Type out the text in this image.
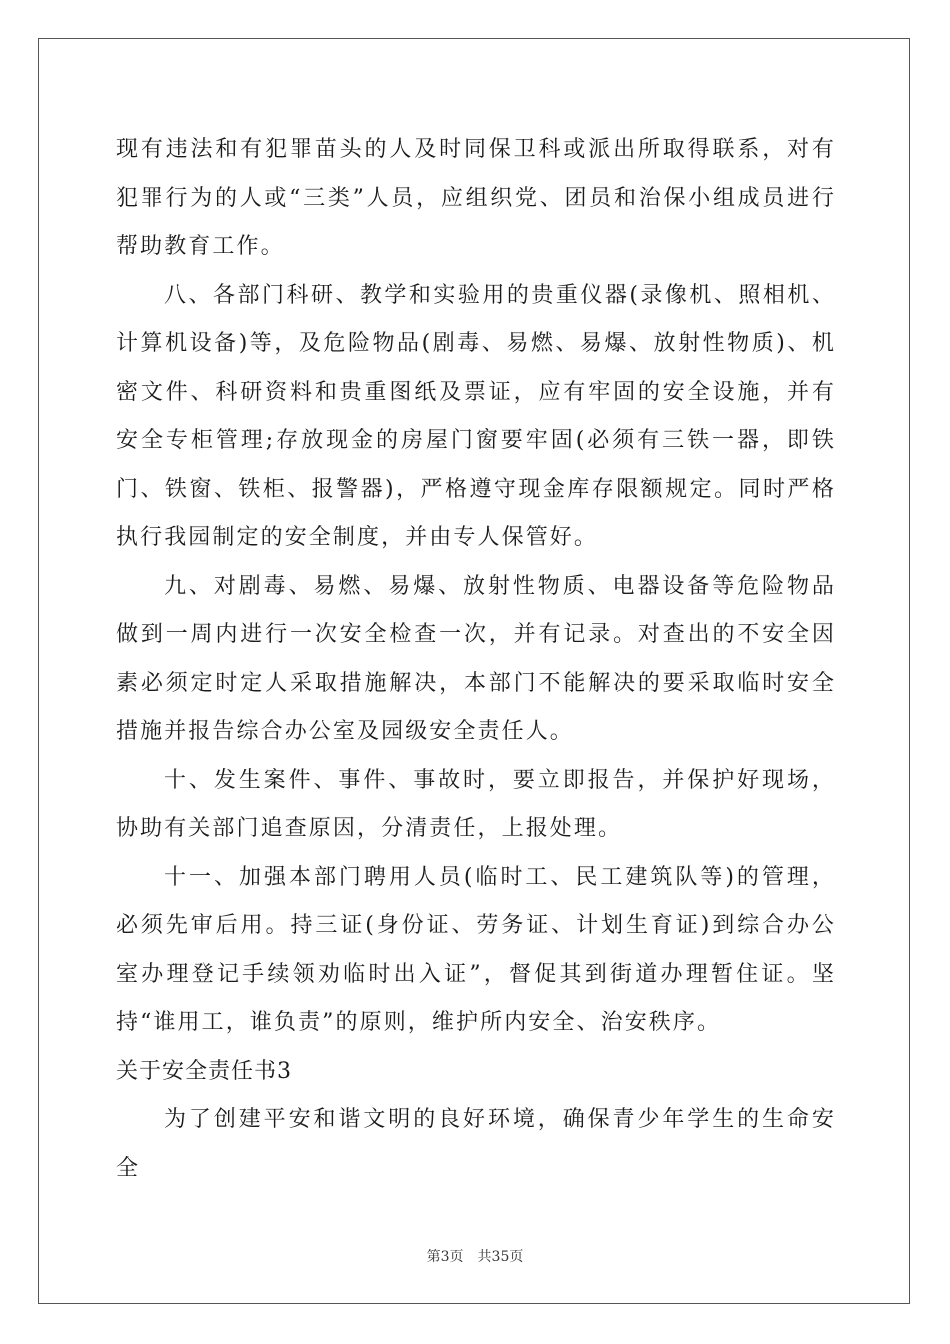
现有违法和有犯罪苗头的人及时同保卫科或派出所取得联系，对有犯罪行为的人或“三类”人员，应组织党、团员和治保小组成员进行帮助教育工作。

八、各部门科研、教学和实验用的贵重仪器(录像机、照相机、计算机设备)等，及危险物品(剧毒、易燃、易爆、放射性物质)、机密文件、科研资料和贵重图纸及票证，应有牢固的安全设施，并有安全专柜管理;存放现金的房屋门窗要牢固(必须有三铁一器，即铁门、铁窗、铁柜、报警器)，严格遵守现金库存限额规定。同时严格执行我园制定的安全制度，并由专人保管好。

九、对剧毒、易燃、易爆、放射性物质、电器设备等危险物品做到一周内进行一次安全检查一次，并有记录。对查出的不安全因素必须定时定人采取措施解决，本部门不能解决的要采取临时安全措施并报告综合办公室及园级安全责任人。

十、发生案件、事件、事故时，要立即报告，并保护好现场，协助有关部门追查原因，分清责任，上报处理。

十一、加强本部门聘用人员(临时工、民工建筑队等)的管理，必须先审后用。持三证(身份证、劳务证、计划生育证)到综合办公室办理登记手续领劝临时出入证”，督促其到街道办理暂住证。坚持“谁用工，谁负责”的原则，维护所内安全、治安秩序。

关于安全责任书3

为了创建平安和谐文明的良好环境，确保青少年学生的生命安全

第3页 共35页
